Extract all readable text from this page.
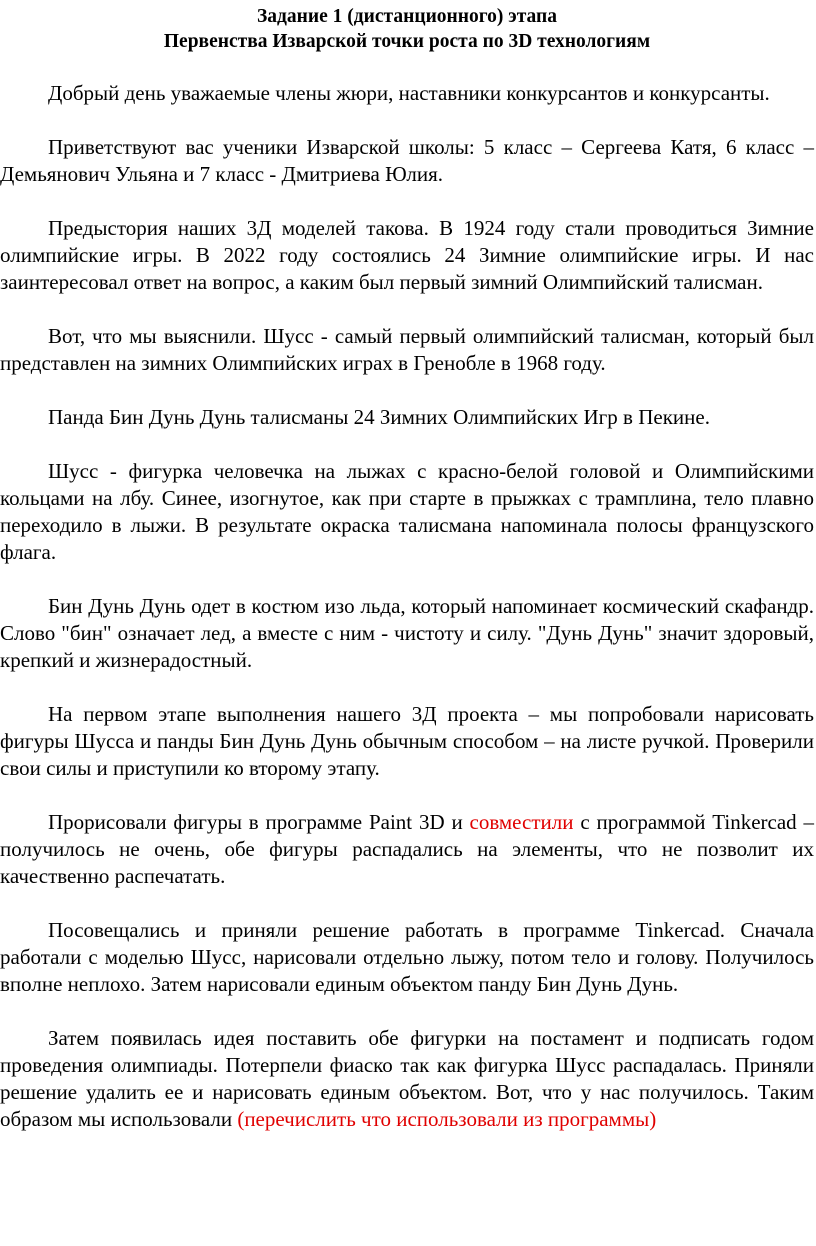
Задание 1 (дистанционного) этапа
Первенства Изварской точки роста по 3D технологиям

Добрый день уважаемые члены жюри, наставники конкурсантов и конкурсанты.

Приветствуют вас ученики Изварской школы: 5 класс – Сергеева Катя, 6 класс – Демьянович Ульяна и 7 класс - Дмитриева Юлия.

Предыстория наших 3Д моделей такова. В 1924 году стали проводиться Зимние олимпийские игры. В 2022 году состоялись 24 Зимние олимпийские игры. И нас заинтересовал ответ на вопрос, а каким был первый зимний Олимпийский талисман.

Вот, что мы выяснили. Шусс - самый первый олимпийский талисман, который был представлен на зимних Олимпийских играх в Гренобле в 1968 году.

Панда Бин Дунь Дунь талисманы 24 Зимних Олимпийских Игр в Пекине.

Шусс - фигурка человечка на лыжах с красно-белой головой и Олимпийскими кольцами на лбу. Синее, изогнутое, как при старте в прыжках с трамплина, тело плавно переходило в лыжи. В результате окраска талисмана напоминала полосы французского флага.

Бин Дунь Дунь одет в костюм изо льда, который напоминает космический скафандр. Слово "бин" означает лед, а вместе с ним - чистоту и силу. "Дунь Дунь" значит здоровый, крепкий и жизнерадостный.

На первом этапе выполнения нашего 3Д проекта – мы попробовали нарисовать фигуры Шусса и панды Бин Дунь Дунь обычным способом – на листе ручкой. Проверили свои силы и приступили ко второму этапу.

Прорисовали фигуры в программе Paint 3D и совместили с программой Tinkercad – получилось не очень, обе фигуры распадались на элементы, что не позволит их качественно распечатать.

Посовещались и приняли решение работать в программе Tinkercad. Сначала работали с моделью Шусс, нарисовали отдельно лыжу, потом тело и голову. Получилось вполне неплохо. Затем нарисовали единым объектом панду Бин Дунь Дунь.

Затем появилась идея поставить обе фигурки на постамент и подписать годом проведения олимпиады. Потерпели фиаско так как фигурка Шусс распадалась. Приняли решение удалить ее и нарисовать единым объектом. Вот, что у нас получилось. Таким образом мы использовали (перечислить что использовали из программы)
